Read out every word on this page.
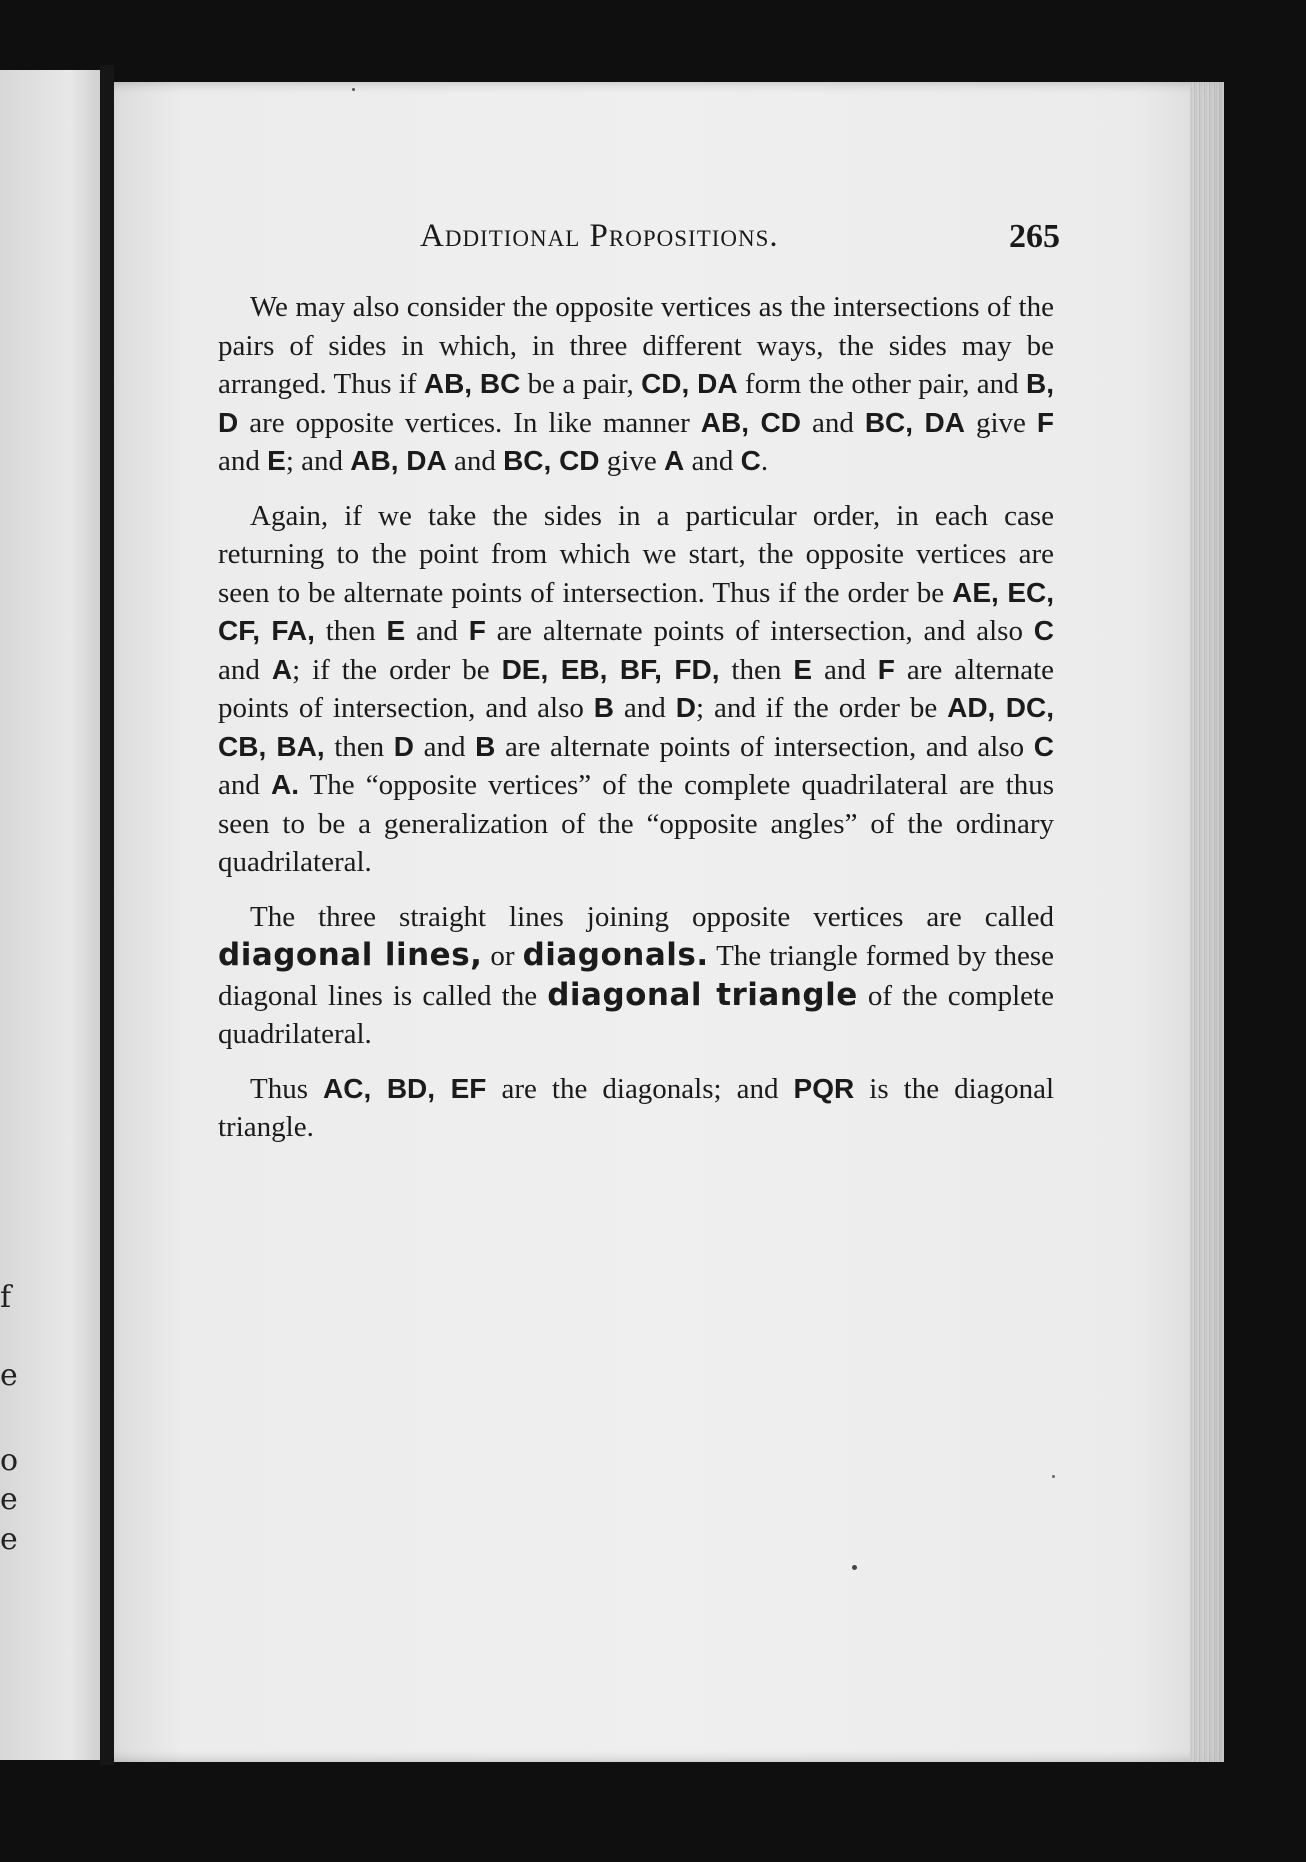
f
e
o
e
e
Additional Propositions.	265

We may also consider the opposite vertices as the intersections of the pairs of sides in which, in three different ways, the sides may be arranged. Thus if AB, BC be a pair, CD, DA form the other pair, and B, D are opposite vertices. In like manner AB, CD and BC, DA give F and E; and AB, DA and BC, CD give A and C.

Again, if we take the sides in a particular order, in each case returning to the point from which we start, the opposite vertices are seen to be alternate points of intersection. Thus if the order be AE, EC, CF, FA, then E and F are alternate points of intersection, and also C and A; if the order be DE, EB, BF, FD, then E and F are alternate points of intersection, and also B and D; and if the order be AD, DC, CB, BA, then D and B are alternate points of intersection, and also C and A. The “opposite vertices” of the complete quadrilateral are thus seen to be a generalization of the “opposite angles” of the ordinary quadrilateral.

The three straight lines joining opposite vertices are called diagonal lines, or diagonals. The triangle formed by these diagonal lines is called the diagonal triangle of the complete quadrilateral.

Thus AC, BD, EF are the diagonals; and PQR is the diagonal triangle.
